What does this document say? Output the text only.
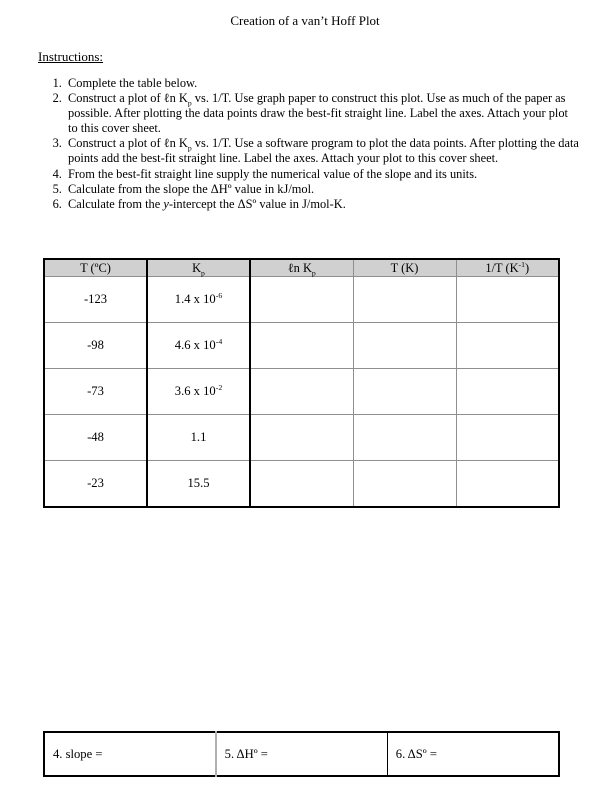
Creation of a van’t Hoff Plot
Instructions:
1. Complete the table below.
2. Construct a plot of ℓn $K_p$ vs. 1/T. Use graph paper to construct this plot. Use as much of the paper as possible. After plotting the data points draw the best-fit straight line. Label the axes. Attach your plot to this cover sheet.
3. Construct a plot of ℓn $K_p$ vs. 1/T. Use a software program to plot the data points. After plotting the data points add the best-fit straight line. Label the axes. Attach your plot to this cover sheet.
4. From the best-fit straight line supply the numerical value of the slope and its units.
5. Calculate from the slope the ΔHº value in kJ/mol.
6. Calculate from the y-intercept the ΔSº value in J/mol-K.
T (ºC)	$K_p$	ℓn $K_p$	T (K)	1/T $(K^{-1})$
-123	1.4 x $10^{-6}$			
-98	4.6 x $10^{-4}$			
-73	3.6 x $10^{-2}$			
-48	1.1			
-23	15.5			
4. slope =	5. ΔHº =	6. ΔSº =
